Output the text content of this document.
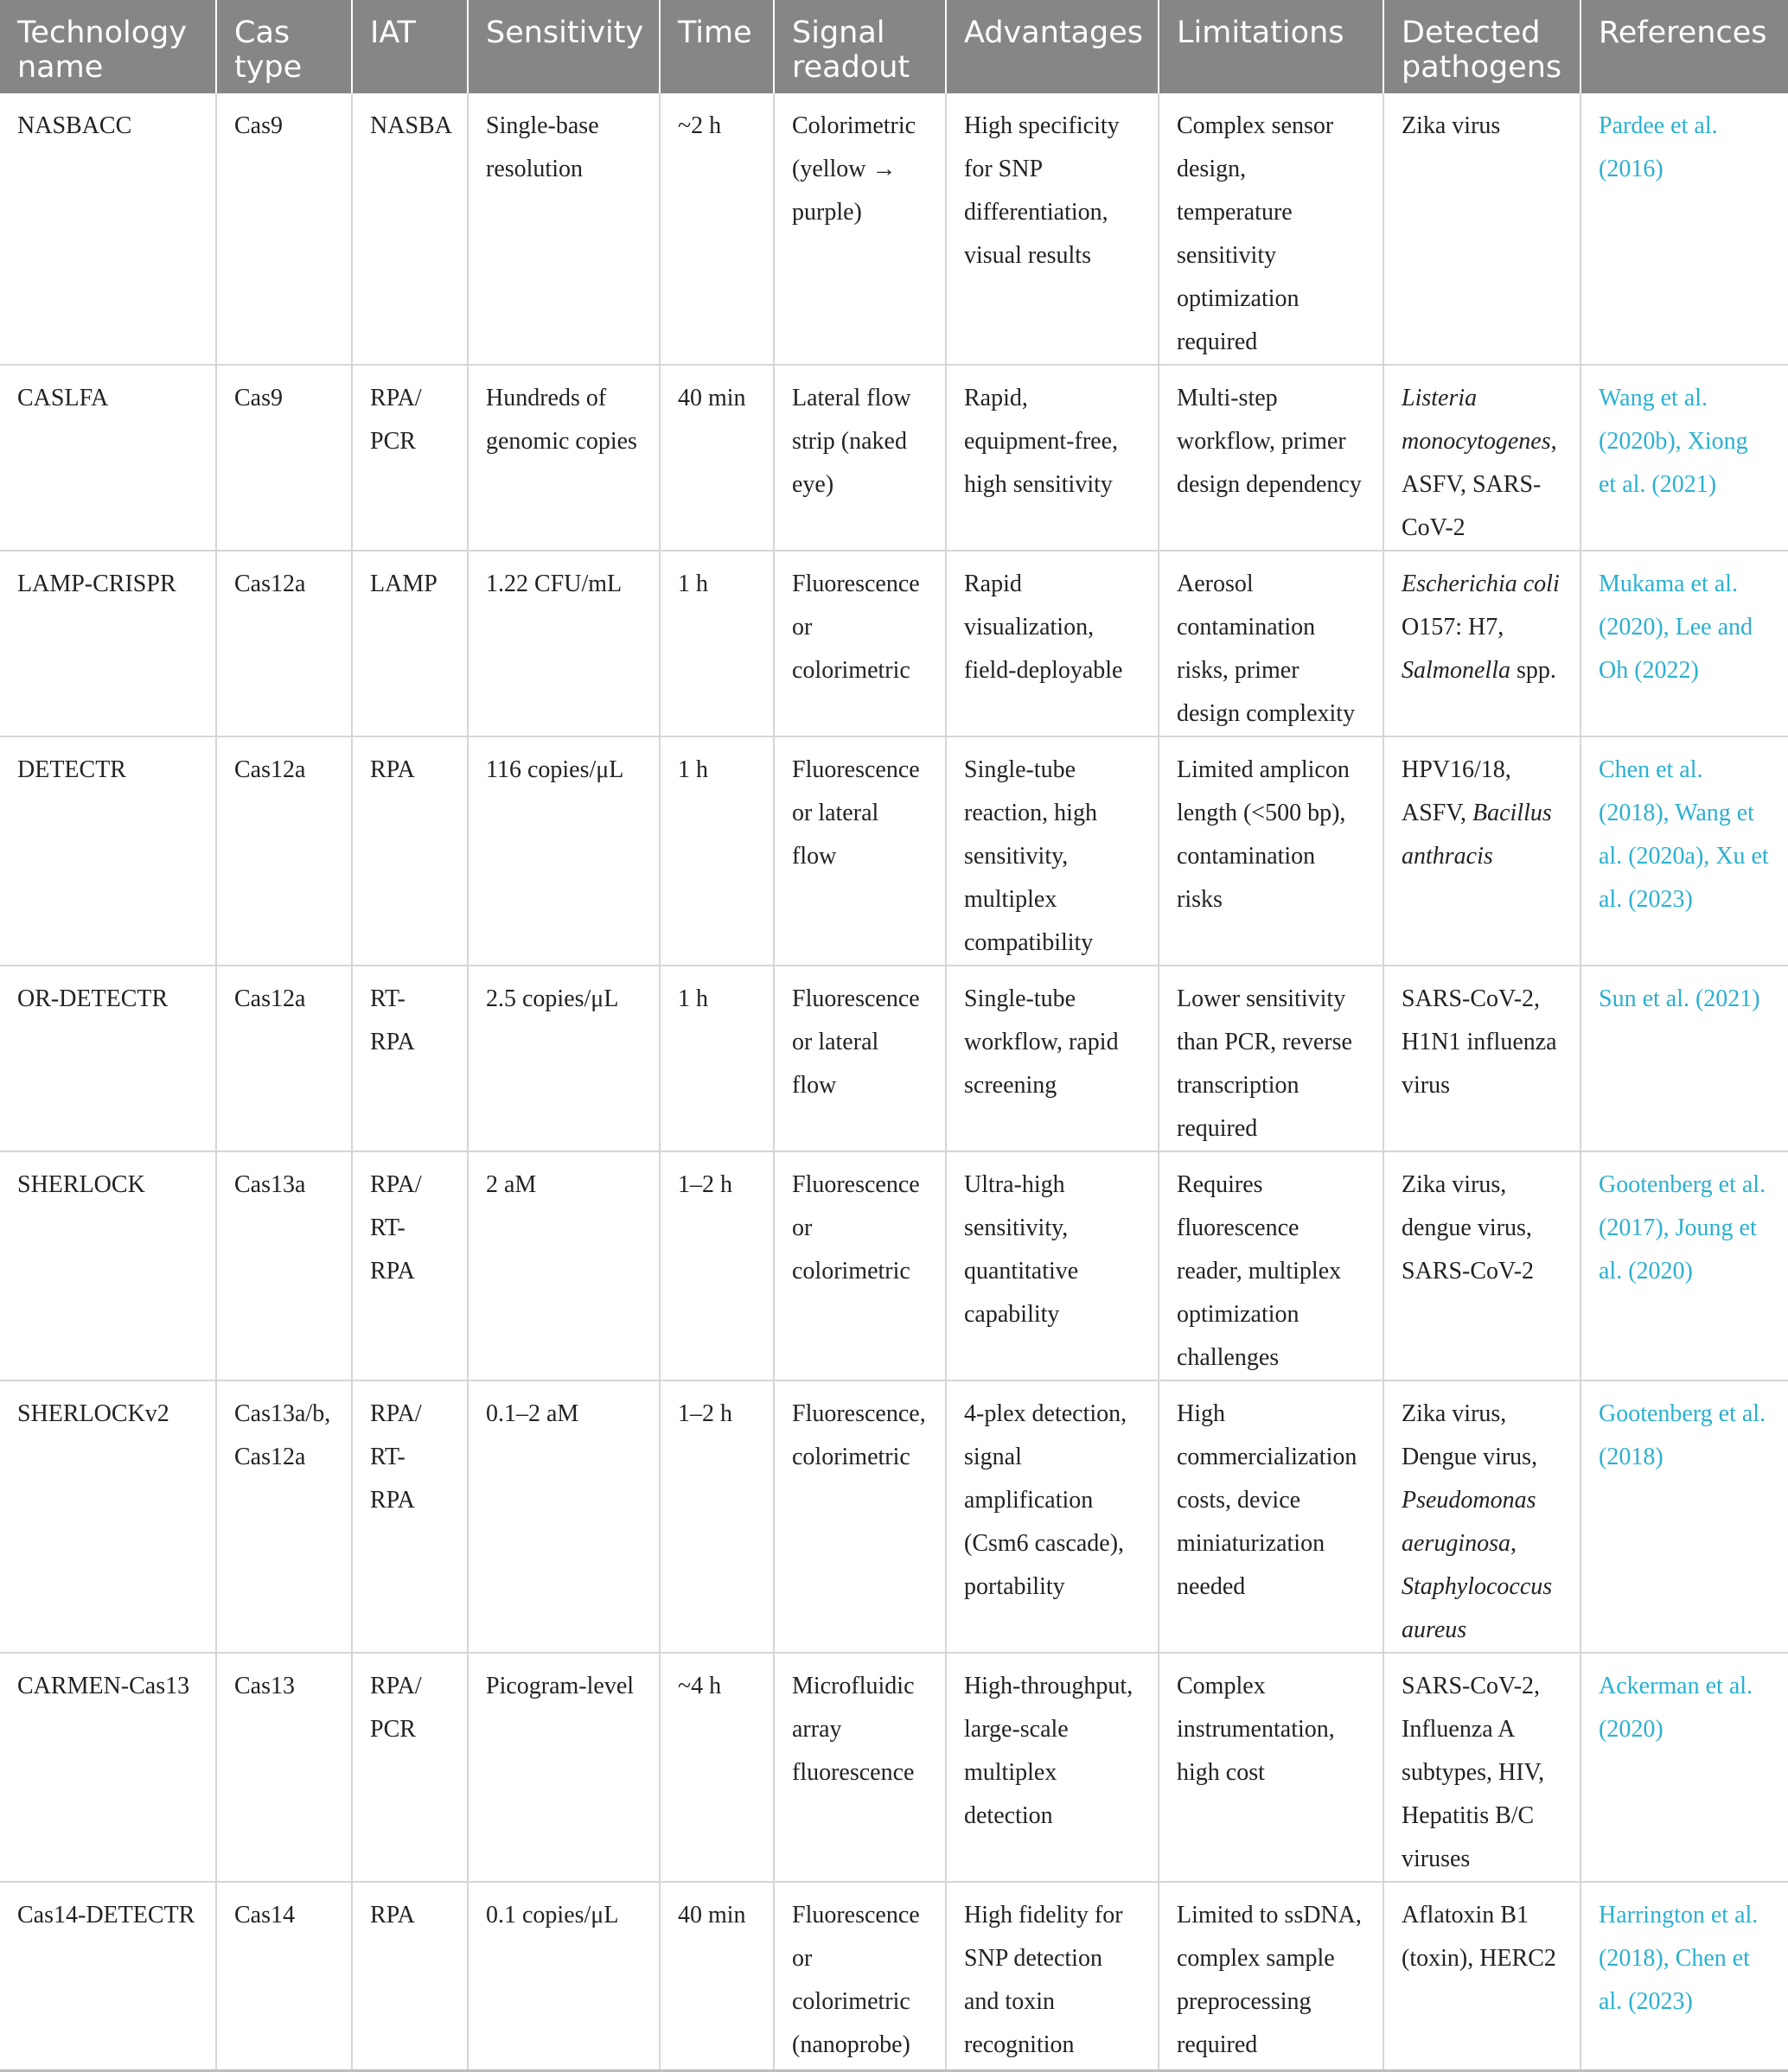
Technology name	Cas type	IAT	Sensitivity	Time	Signal readout	Advantages	Limitations	Detected pathogens	References
NASBACC	Cas9	NASBA	Single-base resolution	~2 h	Colorimetric (yellow → purple)	High specificity for SNP differentiation, visual results	Complex sensor design, temperature sensitivity optimization required	Zika virus	Pardee et al. (2016)
CASLFA	Cas9	RPA/ PCR	Hundreds of genomic copies	40 min	Lateral flow strip (naked eye)	Rapid, equipment-free, high sensitivity	Multi-step workflow, primer design dependency	Listeria monocytogenes, ASFV, SARS-CoV-2	Wang et al. (2020b), Xiong et al. (2021)
LAMP-CRISPR	Cas12a	LAMP	1.22 CFU/mL	1 h	Fluorescence or colorimetric	Rapid visualization, field-deployable	Aerosol contamination risks, primer design complexity	Escherichia coli O157: H7, Salmonella spp.	Mukama et al. (2020), Lee and Oh (2022)
DETECTR	Cas12a	RPA	116 copies/μL	1 h	Fluorescence or lateral flow	Single-tube reaction, high sensitivity, multiplex compatibility	Limited amplicon length (<500 bp), contamination risks	HPV16/18, ASFV, Bacillus anthracis	Chen et al. (2018), Wang et al. (2020a), Xu et al. (2023)
OR-DETECTR	Cas12a	RT-RPA	2.5 copies/μL	1 h	Fluorescence or lateral flow	Single-tube workflow, rapid screening	Lower sensitivity than PCR, reverse transcription required	SARS-CoV-2, H1N1 influenza virus	Sun et al. (2021)
SHERLOCK	Cas13a	RPA/ RT-RPA	2 aM	1–2 h	Fluorescence or colorimetric	Ultra-high sensitivity, quantitative capability	Requires fluorescence reader, multiplex optimization challenges	Zika virus, dengue virus, SARS-CoV-2	Gootenberg et al. (2017), Joung et al. (2020)
SHERLOCKv2	Cas13a/b, Cas12a	RPA/ RT-RPA	0.1–2 aM	1–2 h	Fluorescence, colorimetric	4-plex detection, signal amplification (Csm6 cascade), portability	High commercialization costs, device miniaturization needed	Zika virus, Dengue virus, Pseudomonas aeruginosa, Staphylococcus aureus	Gootenberg et al. (2018)
CARMEN-Cas13	Cas13	RPA/ PCR	Picogram-level	~4 h	Microfluidic array fluorescence	High-throughput, large-scale multiplex detection	Complex instrumentation, high cost	SARS-CoV-2, Influenza A subtypes, HIV, Hepatitis B/C viruses	Ackerman et al. (2020)
Cas14-DETECTR	Cas14	RPA	0.1 copies/μL	40 min	Fluorescence or colorimetric (nanoprobe)	High fidelity for SNP detection and toxin recognition	Limited to ssDNA, complex sample preprocessing required	Aflatoxin B1 (toxin), HERC2	Harrington et al. (2018), Chen et al. (2023)
